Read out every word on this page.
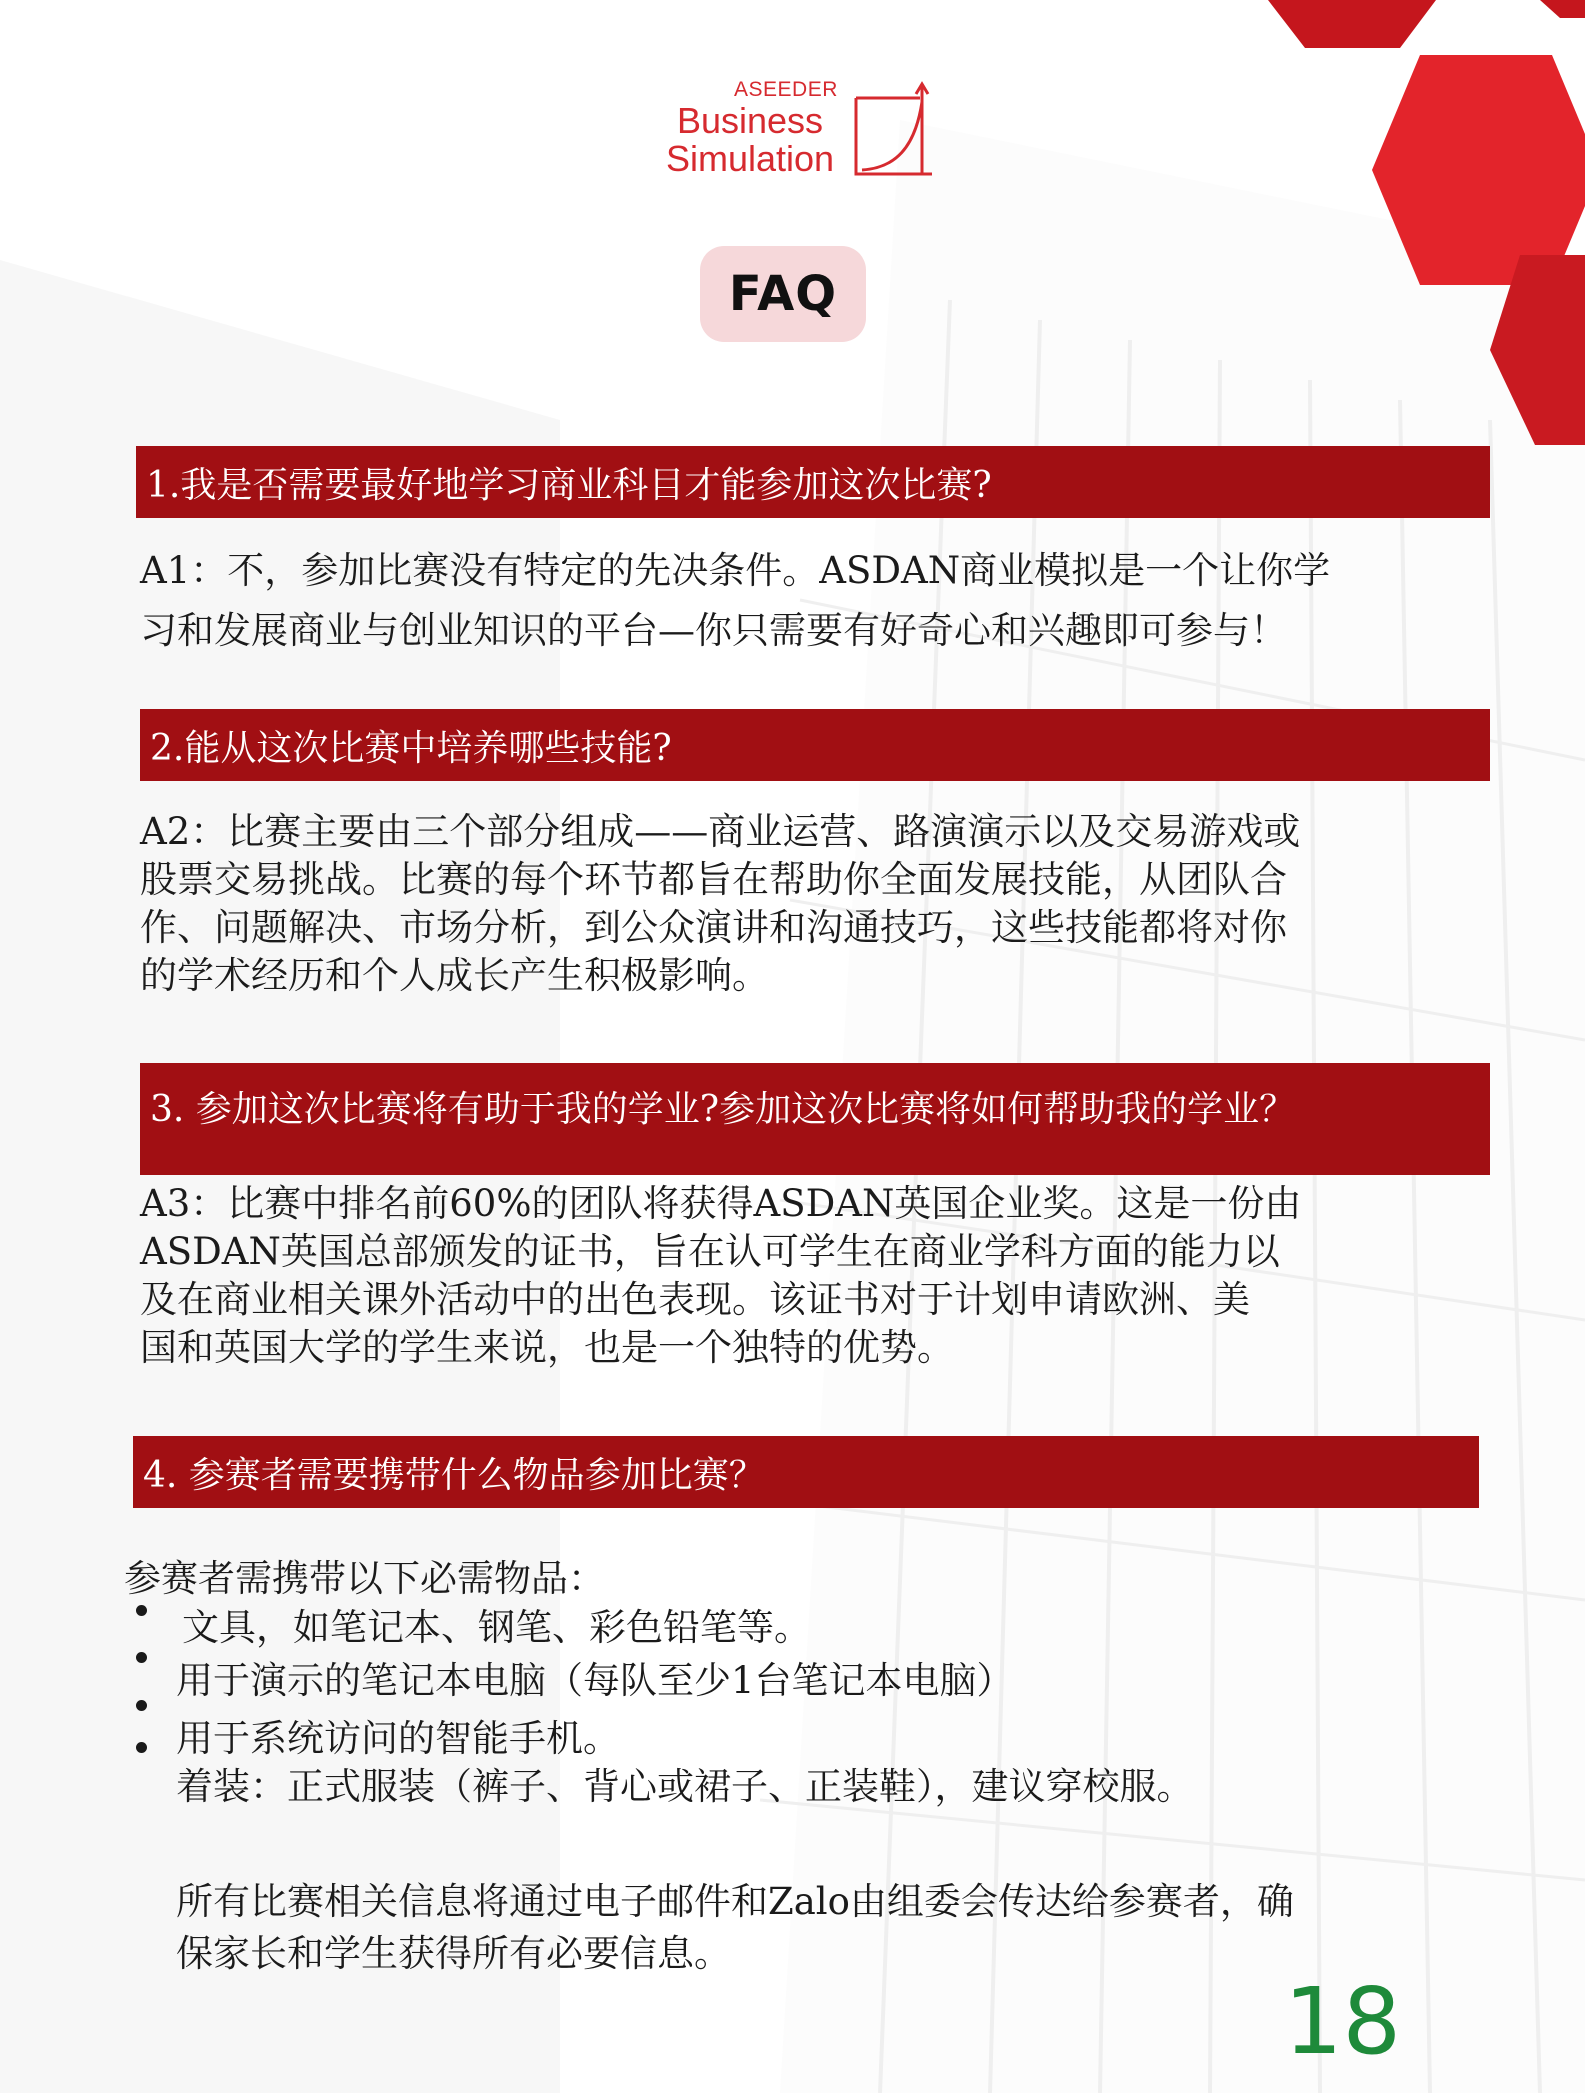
ASEEDER
Business
Simulation
FAQ
1.我是否需要最好地学习商业科目才能参加这次比赛?
A1：不，参加比赛没有特定的先决条件。ASDAN商业模拟是一个让你学
习和发展商业与创业知识的平台—你只需要有好奇心和兴趣即可参与！
2.能从这次比赛中培养哪些技能?
A2：比赛主要由三个部分组成——商业运营、路演演示以及交易游戏或
股票交易挑战。比赛的每个环节都旨在帮助你全面发展技能，从团队合
作、问题解决、市场分析，到公众演讲和沟通技巧，这些技能都将对你
的学术经历和个人成长产生积极影响。
3. 参加这次比赛将有助于我的学业?参加这次比赛将如何帮助我的学业？
A3：比赛中排名前60%的团队将获得ASDAN英国企业奖。这是一份由
ASDAN英国总部颁发的证书，旨在认可学生在商业学科方面的能力以
及在商业相关课外活动中的出色表现。该证书对于计划申请欧洲、美
国和英国大学的学生来说，也是一个独特的优势。
4. 参赛者需要携带什么物品参加比赛？
参赛者需携带以下必需物品：
文具，如笔记本、钢笔、彩色铅笔等。
用于演示的笔记本电脑（每队至少1台笔记本电脑）
用于系统访问的智能手机。
着装：正式服装（裤子、背心或裙子、正装鞋），建议穿校服。
所有比赛相关信息将通过电子邮件和Zalo由组委会传达给参赛者，确
保家长和学生获得所有必要信息。
18
